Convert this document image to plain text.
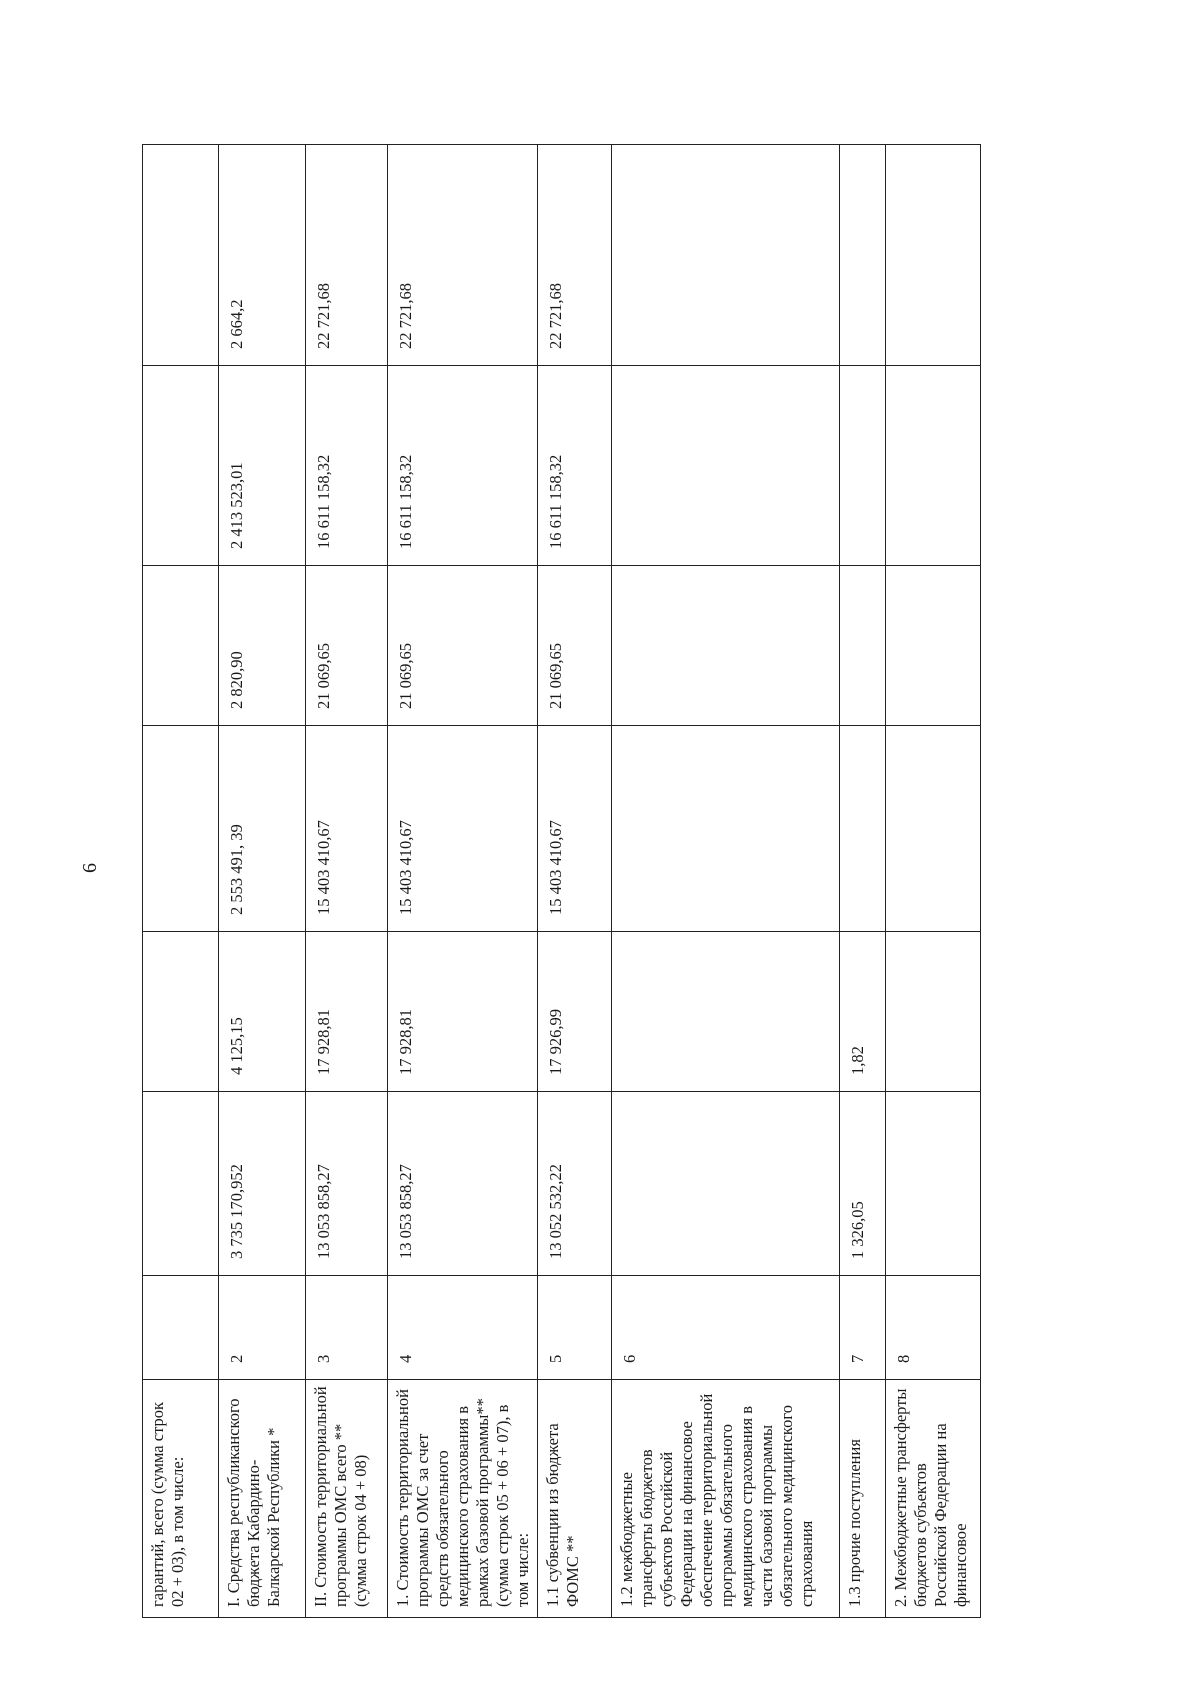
6
гарантий, всего (сумма строк 02 + 03), в том числе:							
I. Средства республиканского бюджета Кабардино-Балкарской Республики *	2	3 735 170,952	4 125,15	2 553 491, 39	2 820,90	2 413 523,01	2 664,2
II. Стоимость территориальной программы ОМС всего ** (сумма строк 04 + 08)	3	13 053 858,27	17 928,81	15 403 410,67	21 069,65	16 611 158,32	22 721,68
1. Стоимость территориальной программы ОМС за счет средств обязательного медицинского страхования в рамках базовой программы** (сумма строк 05 + 06 + 07), в том числе:	4	13 053 858,27	17 928,81	15 403 410,67	21 069,65	16 611 158,32	22 721,68
1.1 субвенции из бюджета ФОМС **	5	13 052 532,22	17 926,99	15 403 410,67	21 069,65	16 611 158,32	22 721,68
1.2 межбюджетные трансферты бюджетов субъектов Российской Федерации на финансовое обеспечение территориальной программы обязательного медицинского страхования в части базовой программы обязательного медицинского страхования	6						
1.3 прочие поступления	7	1 326,05	1,82				
2. Межбюджетные трансферты бюджетов субъектов Российской Федерации на финансовое	8						
